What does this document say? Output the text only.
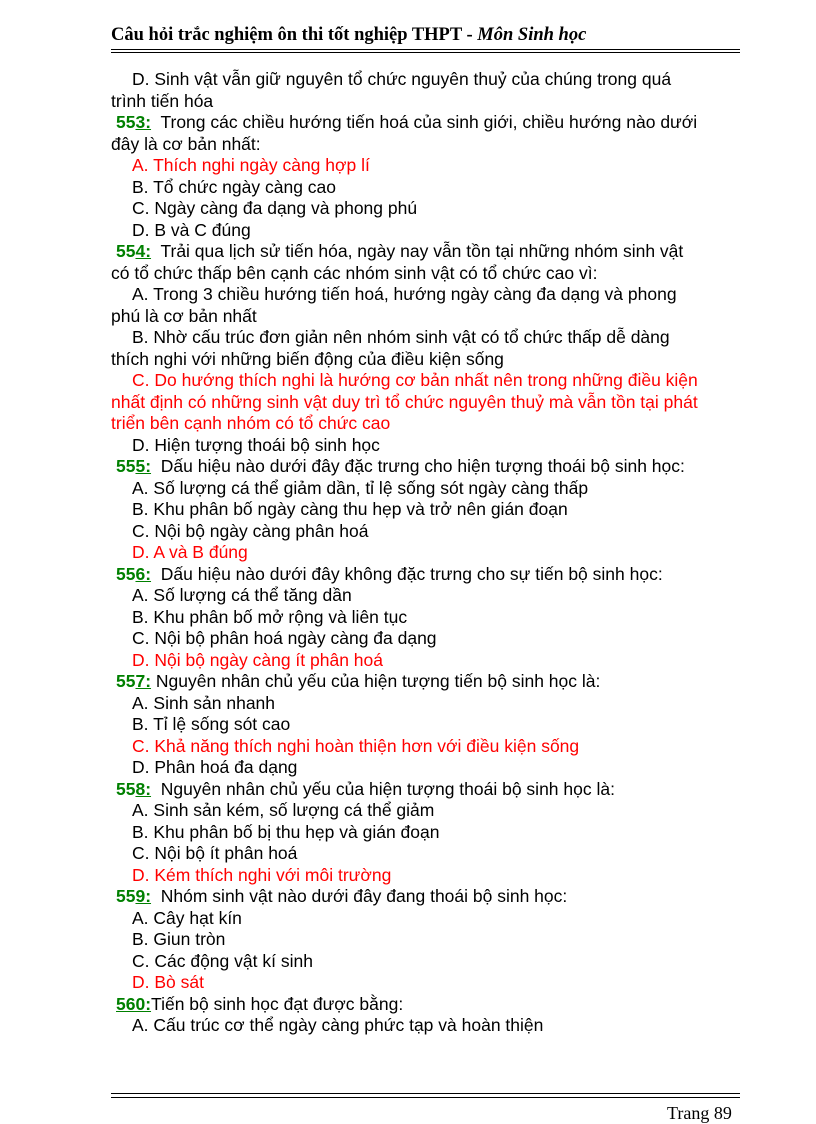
Câu hỏi trắc nghiệm ôn thi tốt nghiệp THPT - Môn Sinh học
D. Sinh vật vẫn giữ nguyên tổ chức nguyên thuỷ của chúng trong quá
trình tiến hóa
553: Trong các chiều hướng tiến hoá của sinh giới, chiều hướng nào dưới
đây là cơ bản nhất:
A. Thích nghi ngày càng hợp lí
B. Tổ chức ngày càng cao
C. Ngày càng đa dạng và phong phú
D. B và C đúng
554: Trải qua lịch sử tiến hóa, ngày nay vẫn tồn tại những nhóm sinh vật
có tổ chức thấp bên cạnh các nhóm sinh vật có tổ chức cao vì:
A. Trong 3 chiều hướng tiến hoá, hướng ngày càng đa dạng và phong
phú là cơ bản nhất
B. Nhờ cấu trúc đơn giản nên nhóm sinh vật có tổ chức thấp dễ dàng
thích nghi với những biến động của điều kiện sống
C. Do hướng thích nghi là hướng cơ bản nhất nên trong những điều kiện
nhất định có những sinh vật duy trì tổ chức nguyên thuỷ mà vẫn tồn tại phát
triển bên cạnh nhóm có tổ chức cao
D. Hiện tượng thoái bộ sinh học
555: Dấu hiệu nào dưới đây đặc trưng cho hiện tượng thoái bộ sinh học:
A. Số lượng cá thể giảm dần, tỉ lệ sống sót ngày càng thấp
B. Khu phân bố ngày càng thu hẹp và trở nên gián đoạn
C. Nội bộ ngày càng phân hoá
D. A và B đúng
556: Dấu hiệu nào dưới đây không đặc trưng cho sự tiến bộ sinh học:
A. Số lượng cá thể tăng dần
B. Khu phân bố mở rộng và liên tục
C. Nội bộ phân hoá ngày càng đa dạng
D. Nội bộ ngày càng ít phân hoá
557: Nguyên nhân chủ yếu của hiện tượng tiến bộ sinh học là:
A. Sinh sản nhanh
B. Tỉ lệ sống sót cao
C. Khả năng thích nghi hoàn thiện hơn với điều kiện sống
D. Phân hoá đa dạng
558: Nguyên nhân chủ yếu của hiện tượng thoái bộ sinh học là:
A. Sinh sản kém, số lượng cá thể giảm
B. Khu phân bố bị thu hẹp và gián đoạn
C. Nội bộ ít phân hoá
D. Kém thích nghi với môi trường
559: Nhóm sinh vật nào dưới đây đang thoái bộ sinh học:
A. Cây hạt kín
B. Giun tròn
C. Các động vật kí sinh
D. Bò sát
560:Tiến bộ sinh học đạt được bằng:
A. Cấu trúc cơ thể ngày càng phức tạp và hoàn thiện
Trang 89
